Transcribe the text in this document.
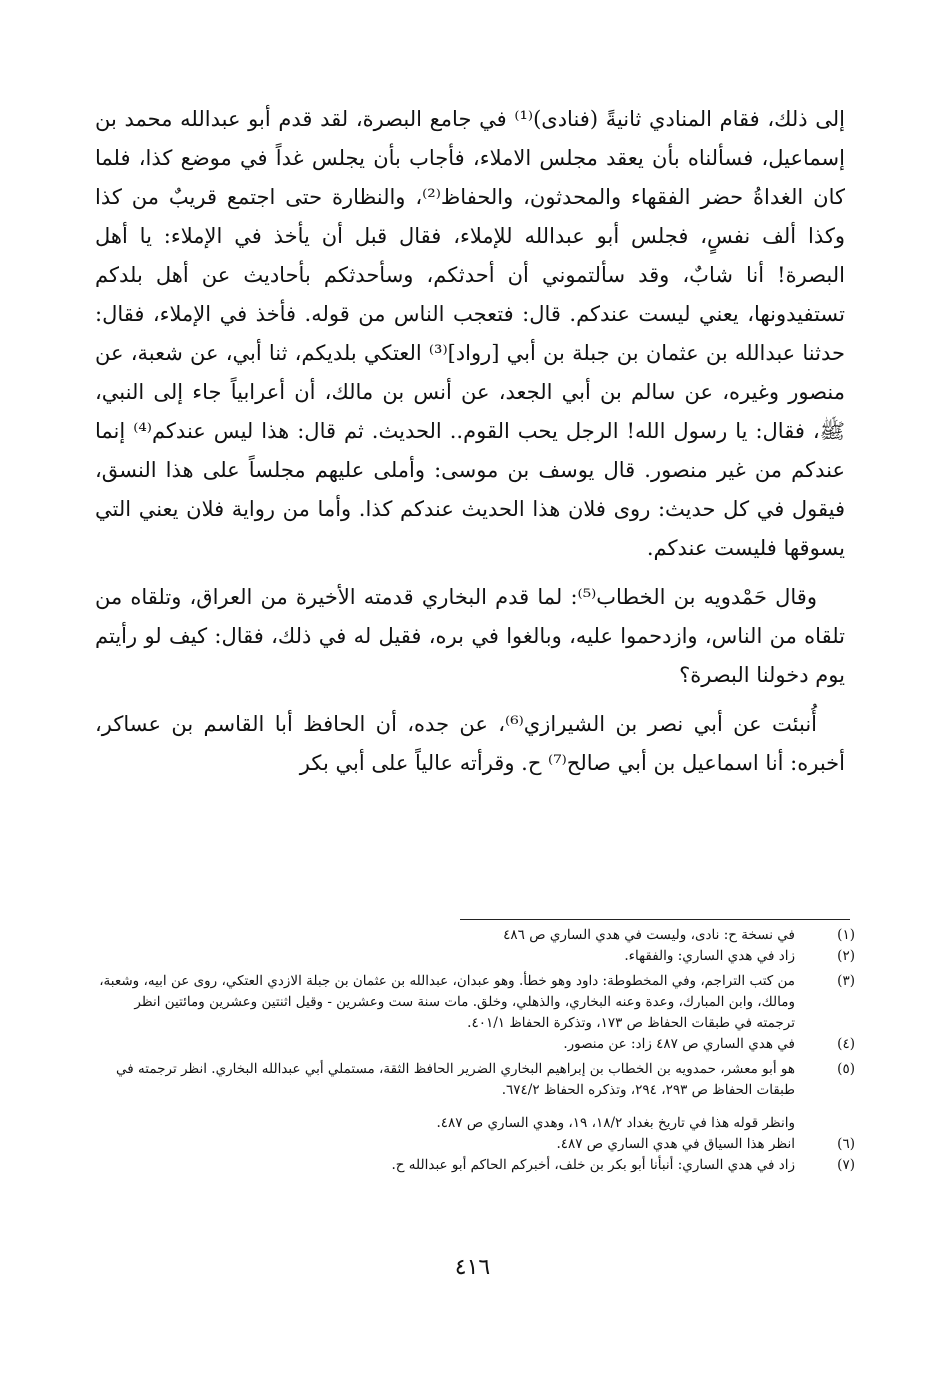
إلى ذلك، فقام المنادي ثانيةً (فنادى)⁽¹⁾ في جامع البصرة، لقد قدم أبو عبدالله محمد بن إسماعيل، فسألناه بأن يعقد مجلس الاملاء، فأجاب بأن يجلس غداً في موضع كذا، فلما كان الغداةُ حضر الفقهاء والمحدثون، والحفاظ⁽²⁾، والنظارة حتى اجتمع قريبٌ من كذا وكذا ألف نفسٍ، فجلس أبو عبدالله للإملاء، فقال قبل أن يأخذ في الإملاء: يا أهل البصرة! أنا شابٌ، وقد سألتموني أن أحدثكم، وسأحدثكم بأحاديث عن أهل بلدكم تستفيدونها، يعني ليست عندكم. قال: فتعجب الناس من قوله. فأخذ في الإملاء، فقال: حدثنا عبدالله بن عثمان بن جبلة بن أبي [رواد]⁽³⁾ العتكي بلديكم، ثنا أبي، عن شعبة، عن منصور وغيره، عن سالم بن أبي الجعد، عن أنس بن مالك، أن أعرابياً جاء إلى النبي، ﷺ، فقال: يا رسول الله! الرجل يحب القوم.. الحديث. ثم قال: هذا ليس عندكم⁽⁴⁾ إنما عندكم من غير منصور. قال يوسف بن موسى: وأملى عليهم مجلساً على هذا النسق، فيقول في كل حديث: روى فلان هذا الحديث عندكم كذا. وأما من رواية فلان يعني التي يسوقها فليست عندكم.

وقال حَمْدويه بن الخطاب⁽⁵⁾: لما قدم البخاري قدمته الأخيرة من العراق، وتلقاه من تلقاه من الناس، وازدحموا عليه، وبالغوا في بره، فقيل له في ذلك، فقال: كيف لو رأيتم يوم دخولنا البصرة؟

أُنبئت عن أبي نصر بن الشيرازي⁽⁶⁾، عن جده، أن الحافظ أبا القاسم بن عساكر، أخبره: أنا اسماعيل بن أبي صالح⁽⁷⁾ ح. وقرأته عالياً على أبي بكر

(١)
في نسخة ح: نادى، وليست في هدي الساري ص ٤٨٦
(٢)
زاد في هدي الساري: والفقهاء.
(٣)
من كتب التراجم، وفي المخطوطة: داود وهو خطأ. وهو عبدان، عبدالله بن عثمان بن جبلة الازدي العتكي، روى عن ابيه، وشعبة، ومالك، وابن المبارك، وعدة وعنه البخاري، والذهلي، وخلق. مات سنة ست وعشرين - وقيل اثنتين وعشرين ومائتين انظر ترجمته في طبقات الحفاظ ص ١٧٣، وتذكرة الحفاظ ٤٠١/١.
(٤)
في هدي الساري ص ٤٨٧ زاد: عن منصور.
(٥)
هو أبو معشر، حمدويه بن الخطاب بن إبراهيم البخاري الضرير الحافظ الثقة، مستملي أبي عبدالله البخاري. انظر ترجمته في طبقات الحفاظ ص ٢٩٣، ٢٩٤، وتذكره الحفاظ ٦٧٤/٢.
وانظر قوله هذا في تاريخ بغداد ١٨/٢، ١٩، وهدي الساري ص ٤٨٧.
(٦)
انظر هذا السياق في هدي الساري ص ٤٨٧.
(٧)
زاد في هدي الساري: أنبأنا أبو بكر بن خلف، أخبركم الحاكم أبو عبدالله ح.
٤١٦
